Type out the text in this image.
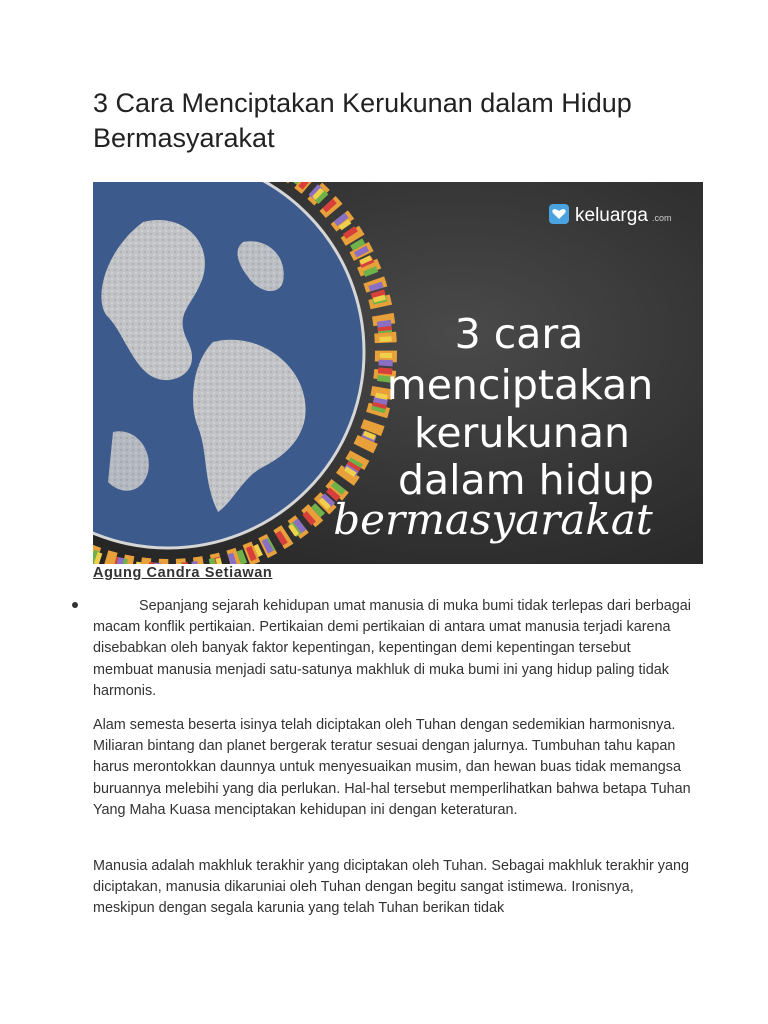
3 Cara Menciptakan Kerukunan dalam Hidup Bermasyarakat
keluarga .com
3 cara
menciptakan
kerukunan
dalam hidup
bermasyarakat
Agung Candra Setiawan

Sepanjang sejarah kehidupan umat manusia di muka bumi tidak terlepas dari berbagai macam konflik pertikaian. Pertikaian demi pertikaian di antara umat manusia terjadi karena disebabkan oleh banyak faktor kepentingan, kepentingan demi kepentingan tersebut membuat manusia menjadi satu-satunya makhluk di muka bumi ini yang hidup paling tidak harmonis.

Alam semesta beserta isinya telah diciptakan oleh Tuhan dengan sedemikian harmonisnya. Miliaran bintang dan planet bergerak teratur sesuai dengan jalurnya. Tumbuhan tahu kapan harus merontokkan daunnya untuk menyesuaikan musim, dan hewan buas tidak memangsa buruannya melebihi yang dia perlukan. Hal-hal tersebut memperlihatkan bahwa betapa Tuhan Yang Maha Kuasa menciptakan kehidupan ini dengan keteraturan.

Manusia adalah makhluk terakhir yang diciptakan oleh Tuhan. Sebagai makhluk terakhir yang diciptakan, manusia dikaruniai oleh Tuhan dengan begitu sangat istimewa. Ironisnya, meskipun dengan segala karunia yang telah Tuhan berikan tidak
